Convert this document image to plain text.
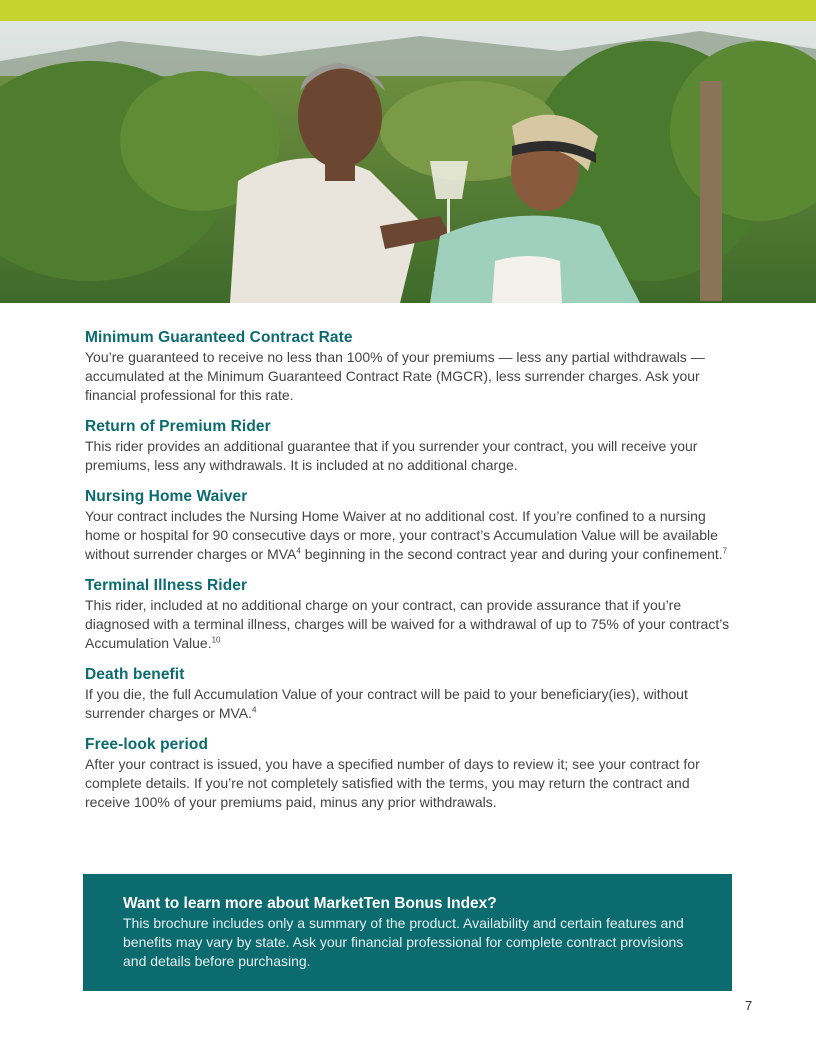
Minimum Guaranteed Contract Rate

You’re guaranteed to receive no less than 100% of your premiums — less any partial withdrawals — accumulated at the Minimum Guaranteed Contract Rate (MGCR), less surrender charges. Ask your financial professional for this rate.

Return of Premium Rider

This rider provides an additional guarantee that if you surrender your contract, you will receive your premiums, less any withdrawals. It is included at no additional charge.

Nursing Home Waiver

Your contract includes the Nursing Home Waiver at no additional cost. If you’re confined to a nursing home or hospital for 90 consecutive days or more, your contract’s Accumulation Value will be available without surrender charges or MVA$^4$ beginning in the second contract year and during your confinement.$^7$

Terminal Illness Rider

This rider, included at no additional charge on your contract, can provide assurance that if you’re diagnosed with a terminal illness, charges will be waived for a withdrawal of up to 75% of your contract’s Accumulation Value.$^{10}$

Death benefit

If you die, the full Accumulation Value of your contract will be paid to your beneficiary(ies), without surrender charges or MVA.$^4$

Free-look period

After your contract is issued, you have a specified number of days to review it; see your contract for complete details. If you’re not completely satisfied with the terms, you may return the contract and receive 100% of your premiums paid, minus any prior withdrawals.

Want to learn more about MarketTen Bonus Index?

This brochure includes only a summary of the product. Availability and certain features and benefits may vary by state. Ask your financial professional for complete contract provisions and details before purchasing.

7
